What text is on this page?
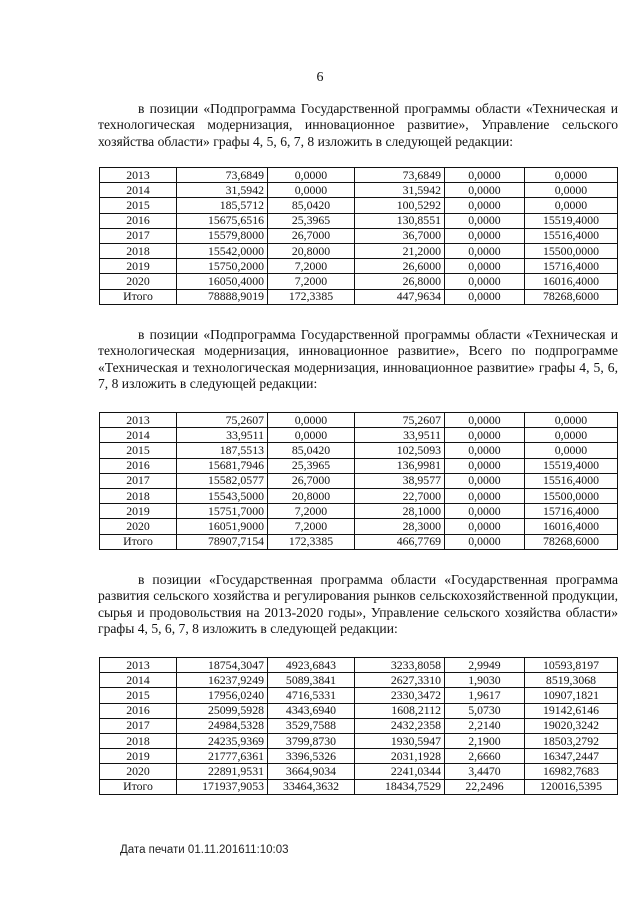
6

в позиции «Подпрограмма Государственной программы области «Техническая и технологическая модернизация, инновационное развитие», Управление сельского хозяйства области» графы 4, 5, 6, 7, 8 изложить в следующей редакции:

2013	73,6849	0,0000	73,6849	0,0000	0,0000
2014	31,5942	0,0000	31,5942	0,0000	0,0000
2015	185,5712	85,0420	100,5292	0,0000	0,0000
2016	15675,6516	25,3965	130,8551	0,0000	15519,4000
2017	15579,8000	26,7000	36,7000	0,0000	15516,4000
2018	15542,0000	20,8000	21,2000	0,0000	15500,0000
2019	15750,2000	7,2000	26,6000	0,0000	15716,4000
2020	16050,4000	7,2000	26,8000	0,0000	16016,4000
Итого	78888,9019	172,3385	447,9634	0,0000	78268,6000

в позиции «Подпрограмма Государственной программы области «Техническая и технологическая модернизация, инновационное развитие», Всего по подпрограмме «Техническая и технологическая модернизация, инновационное развитие» графы 4, 5, 6, 7, 8 изложить в следующей редакции:

2013	75,2607	0,0000	75,2607	0,0000	0,0000
2014	33,9511	0,0000	33,9511	0,0000	0,0000
2015	187,5513	85,0420	102,5093	0,0000	0,0000
2016	15681,7946	25,3965	136,9981	0,0000	15519,4000
2017	15582,0577	26,7000	38,9577	0,0000	15516,4000
2018	15543,5000	20,8000	22,7000	0,0000	15500,0000
2019	15751,7000	7,2000	28,1000	0,0000	15716,4000
2020	16051,9000	7,2000	28,3000	0,0000	16016,4000
Итого	78907,7154	172,3385	466,7769	0,0000	78268,6000

в позиции «Государственная программа области «Государственная программа развития сельского хозяйства и регулирования рынков сельскохозяйственной продукции, сырья и продовольствия на 2013-2020 годы», Управление сельского хозяйства области» графы 4, 5, 6, 7, 8 изложить в следующей редакции:

2013	18754,3047	4923,6843	3233,8058	2,9949	10593,8197
2014	16237,9249	5089,3841	2627,3310	1,9030	8519,3068
2015	17956,0240	4716,5331	2330,3472	1,9617	10907,1821
2016	25099,5928	4343,6940	1608,2112	5,0730	19142,6146
2017	24984,5328	3529,7588	2432,2358	2,2140	19020,3242
2018	24235,9369	3799,8730	1930,5947	2,1900	18503,2792
2019	21777,6361	3396,5326	2031,1928	2,6660	16347,2447
2020	22891,9531	3664,9034	2241,0344	3,4470	16982,7683
Итого	171937,9053	33464,3632	18434,7529	22,2496	120016,5395
Дата печати 01.11.201611:10:03
